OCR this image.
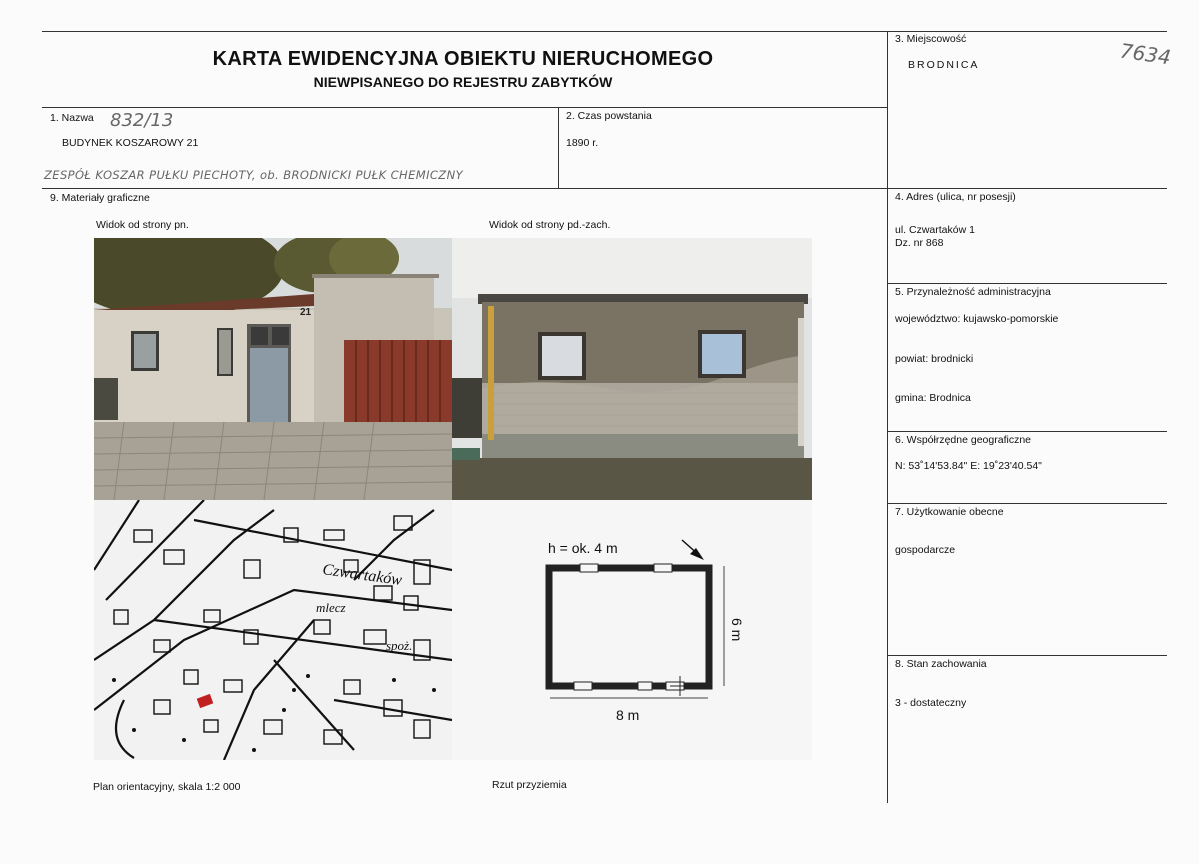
KARTA EWIDENCYJNA OBIEKTU NIERUCHOMEGO
NIEWPISANEGO DO REJESTRU ZABYTKÓW
1. Nazwa 832/13
BUDYNEK KOSZAROWY 21
ZESPÓŁ KOSZAR PUŁKU PIECHOTY, ob. BRODNICKI PUŁK CHEMICZNY
2. Czas powstania
1890 r.
3. Miejscowość
BRODNICA	7634
4. Adres (ulica, nr posesji)
ul. Czwartaków 1
Dz. nr 868
5. Przynależność administracyjna
województwo: kujawsko-pomorskie
powiat: brodnicki
gmina: Brodnica
6. Współrzędne geograficzne
N: 53˚14'53.84" E: 19˚23'40.54"
7. Użytkowanie obecne
gospodarcze
8. Stan zachowania
3 - dostateczny
9. Materiały graficzne
Widok od strony pn.	Widok od strony pd.-zach.
Plan orientacyjny, skala 1:2 000	Rzut przyziemia
21
Czwartaków
mlecz
spoż.
h = ok. 4 m
8 m
6 m
